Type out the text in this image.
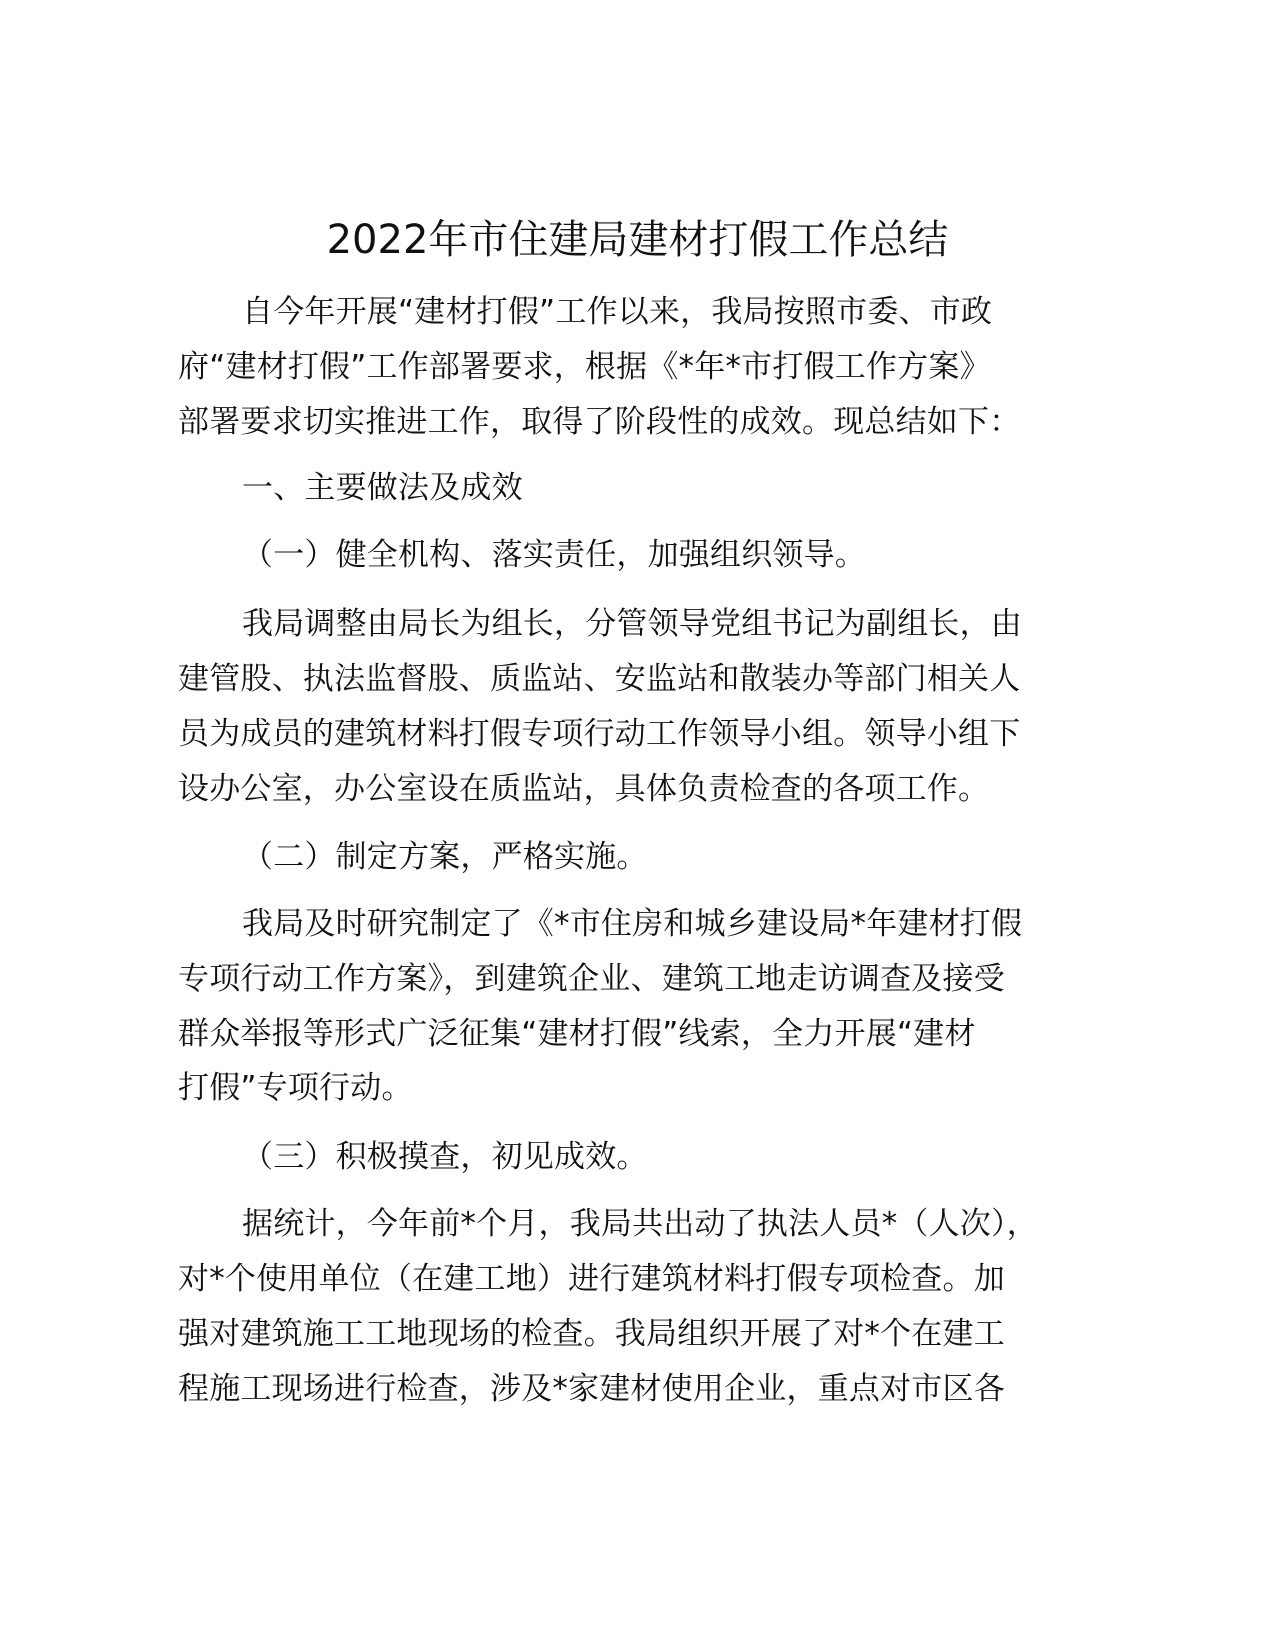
2022年市住建局建材打假工作总结
自今年开展“建材打假”工作以来，我局按照市委、市政
府“建材打假”工作部署要求，根据《*年*市打假工作方案》
部署要求切实推进工作，取得了阶段性的成效。现总结如下：
一、主要做法及成效
（一）健全机构、落实责任，加强组织领导。
我局调整由局长为组长，分管领导党组书记为副组长，由
建管股、执法监督股、质监站、安监站和散装办等部门相关人
员为成员的建筑材料打假专项行动工作领导小组。领导小组下
设办公室，办公室设在质监站，具体负责检查的各项工作。
（二）制定方案，严格实施。
我局及时研究制定了《*市住房和城乡建设局*年建材打假
专项行动工作方案》，到建筑企业、建筑工地走访调查及接受
群众举报等形式广泛征集“建材打假”线索，全力开展“建材
打假”专项行动。
（三）积极摸查，初见成效。
据统计，今年前*个月，我局共出动了执法人员*（人次），
对*个使用单位（在建工地）进行建筑材料打假专项检查。加
强对建筑施工工地现场的检查。我局组织开展了对*个在建工
程施工现场进行检查，涉及*家建材使用企业，重点对市区各
